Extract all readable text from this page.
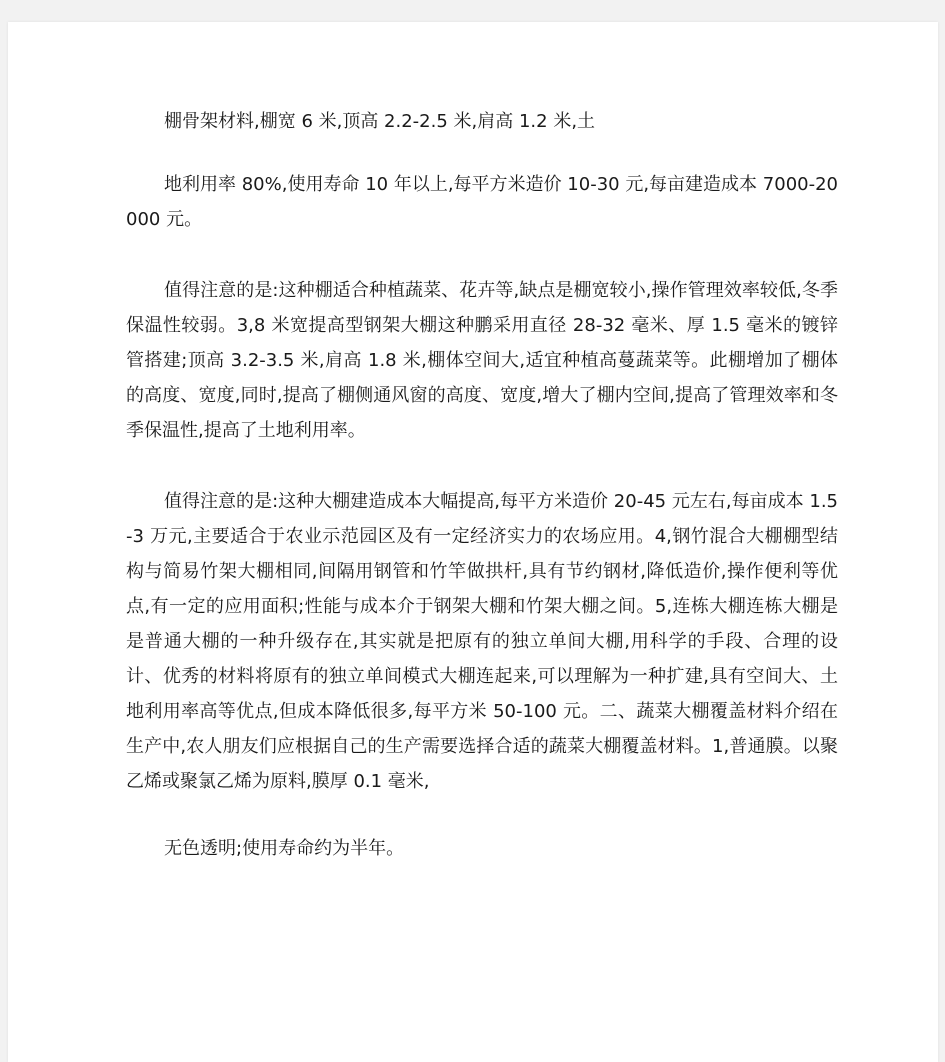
棚骨架材料,棚宽 6 米,顶高 2.2-2.5 米,肩高 1.2 米,土

地利用率 80%,使用寿命 10 年以上,每平方米造价 10-30 元,每亩建造成本 7000-20000 元。

值得注意的是:这种棚适合种植蔬菜、花卉等,缺点是棚宽较小,操作管理效率较低,冬季保温性较弱。3,8 米宽提高型钢架大棚这种鹏采用直径 28-32 毫米、厚 1.5 毫米的镀锌管搭建;顶高 3.2-3.5 米,肩高 1.8 米,棚体空间大,适宜种植高蔓蔬菜等。此棚增加了棚体的高度、宽度,同时,提高了棚侧通风窗的高度、宽度,增大了棚内空间,提高了管理效率和冬季保温性,提高了土地利用率。

值得注意的是:这种大棚建造成本大幅提高,每平方米造价 20-45 元左右,每亩成本 1.5-3 万元,主要适合于农业示范园区及有一定经济实力的农场应用。4,钢竹混合大棚棚型结构与简易竹架大棚相同,间隔用钢管和竹竿做拱杆,具有节约钢材,降低造价,操作便利等优点,有一定的应用面积;性能与成本介于钢架大棚和竹架大棚之间。5,连栋大棚连栋大棚是是普通大棚的一种升级存在,其实就是把原有的独立单间大棚,用科学的手段、合理的设计、优秀的材料将原有的独立单间模式大棚连起来,可以理解为一种扩建,具有空间大、土地利用率高等优点,但成本降低很多,每平方米 50-100 元。二、蔬菜大棚覆盖材料介绍在生产中,农人朋友们应根据自己的生产需要选择合适的蔬菜大棚覆盖材料。1,普通膜。以聚乙烯或聚氯乙烯为原料,膜厚 0.1 毫米,

无色透明;使用寿命约为半年。
